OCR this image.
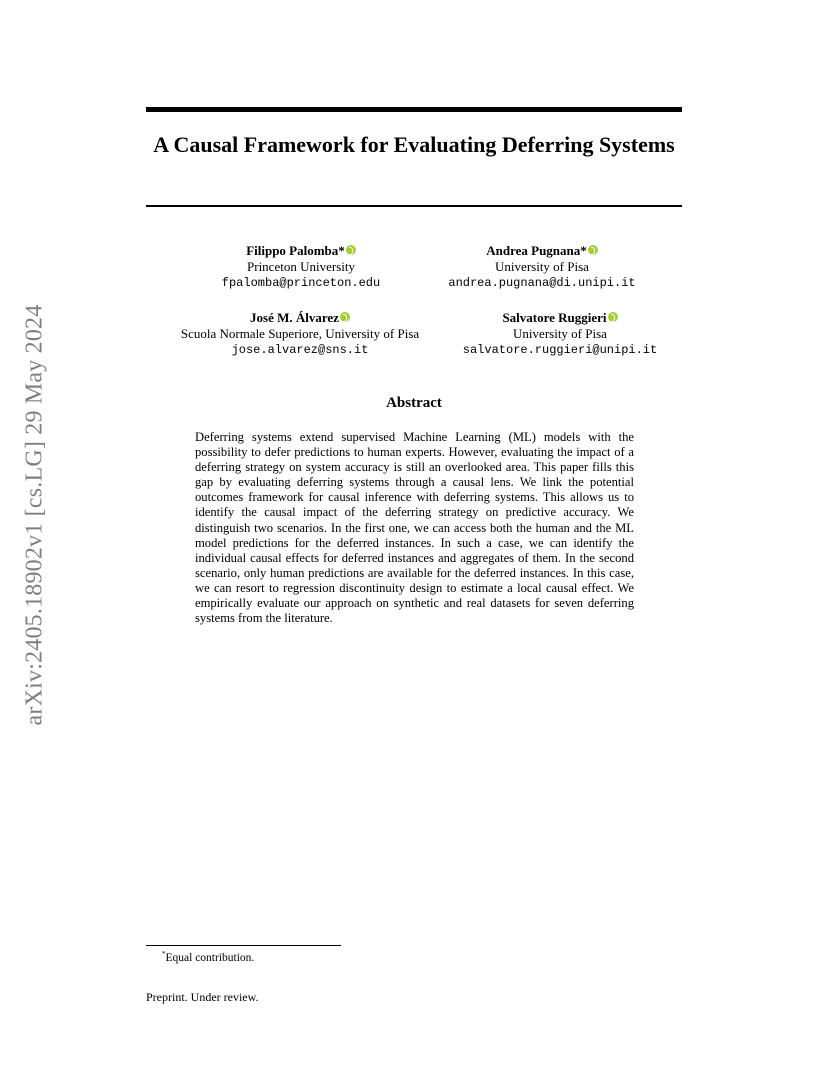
arXiv:2405.18902v1 [cs.LG] 29 May 2024
A Causal Framework for Evaluating Deferring Systems
Filippo Palomba*
Princeton University
fpalomba@princeton.edu
Andrea Pugnana*
University of Pisa
andrea.pugnana@di.unipi.it
José M. Álvarez
Scuola Normale Superiore, University of Pisa
jose.alvarez@sns.it
Salvatore Ruggieri
University of Pisa
salvatore.ruggieri@unipi.it
Abstract
Deferring systems extend supervised Machine Learning (ML) models with the possibility to defer predictions to human experts. However, evaluating the impact of a deferring strategy on system accuracy is still an overlooked area. This paper fills this gap by evaluating deferring systems through a causal lens. We link the potential outcomes framework for causal inference with deferring systems. This allows us to identify the causal impact of the deferring strategy on predictive accuracy. We distinguish two scenarios. In the first one, we can access both the human and the ML model predictions for the deferred instances. In such a case, we can identify the individual causal effects for deferred instances and aggregates of them. In the second scenario, only human predictions are available for the deferred instances. In this case, we can resort to regression discontinuity design to estimate a local causal effect. We empirically evaluate our approach on synthetic and real datasets for seven deferring systems from the literature.
*Equal contribution.
Preprint. Under review.
